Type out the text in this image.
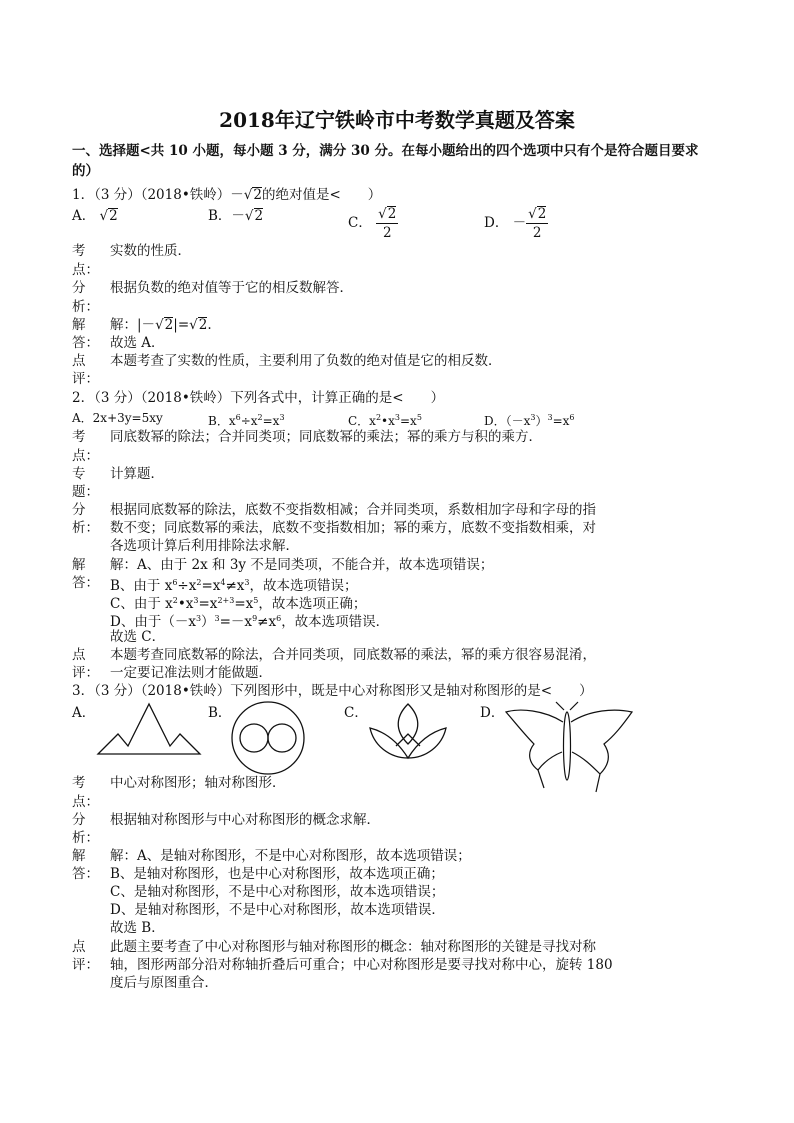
2018年辽宁铁岭市中考数学真题及答案
一、选择题<共 10 小题，每小题 3 分，满分 30 分。在每小题给出的四个选项中只有个是符合题目要求
的）
1．（3 分）（2018•铁岭）－√2的绝对值是<　　）
A． √2	B．－√2	C． $\frac{√2}{2}$	D． － $\frac{√2}{2}$
考 实数的性质．
点：
分 根据负数的绝对值等于它的相反数解答．
析：
解 解：|－√2|=√2.
答： 故选 A．
点 本题考查了实数的性质，主要利用了负数的绝对值是它的相反数．
评：
2．（3 分）（2018•铁岭）下列各式中，计算正确的是<　　）
A．2x+3y=5xy	B．$x^6\div x^2=x^3$	C．$x^2•x^3=x^5$	D．$(-x^3)^3=x^6$
考 同底数幂的除法；合并同类项；同底数幂的乘法；幂的乘方与积的乘方．
点：
专 计算题．
题：
分 根据同底数幂的除法，底数不变指数相减；合并同类项，系数相加字母和字母的指
析： 数不变；同底数幂的乘法，底数不变指数相加；幂的乘方，底数不变指数相乘，对
各选项计算后利用排除法求解．
解 解：A、由于 2x 和 3y 不是同类项，不能合并，故本选项错误；
答： B、由于 $x^6\div x^2=x^4\ne x^3$，故本选项错误；
C、由于 $x^2•x^3=x^{2+3}=x^5$，故本选项正确；
D、由于$(-x^3)^3=-x^9\ne x^6$，故本选项错误．
故选 C．
点 本题考查同底数幂的除法，合并同类项，同底数幂的乘法，幂的乘方很容易混淆，
评： 一定要记准法则才能做题．
3．（3 分）（2018•铁岭）下列图形中，既是中心对称图形又是轴对称图形的是<　　）
A．	B．	C．	D．
考 中心对称图形；轴对称图形．
点：
分 根据轴对称图形与中心对称图形的概念求解．
析：
解 解：A、是轴对称图形，不是中心对称图形，故本选项错误；
答： B、是轴对称图形，也是中心对称图形，故本选项正确；
C、是轴对称图形，不是中心对称图形，故本选项错误；
D、是轴对称图形，不是中心对称图形，故本选项错误．
故选 B．
点 此题主要考查了中心对称图形与轴对称图形的概念：轴对称图形的关键是寻找对称
评： 轴，图形两部分沿对称轴折叠后可重合；中心对称图形是要寻找对称中心，旋转 180
度后与原图重合．
